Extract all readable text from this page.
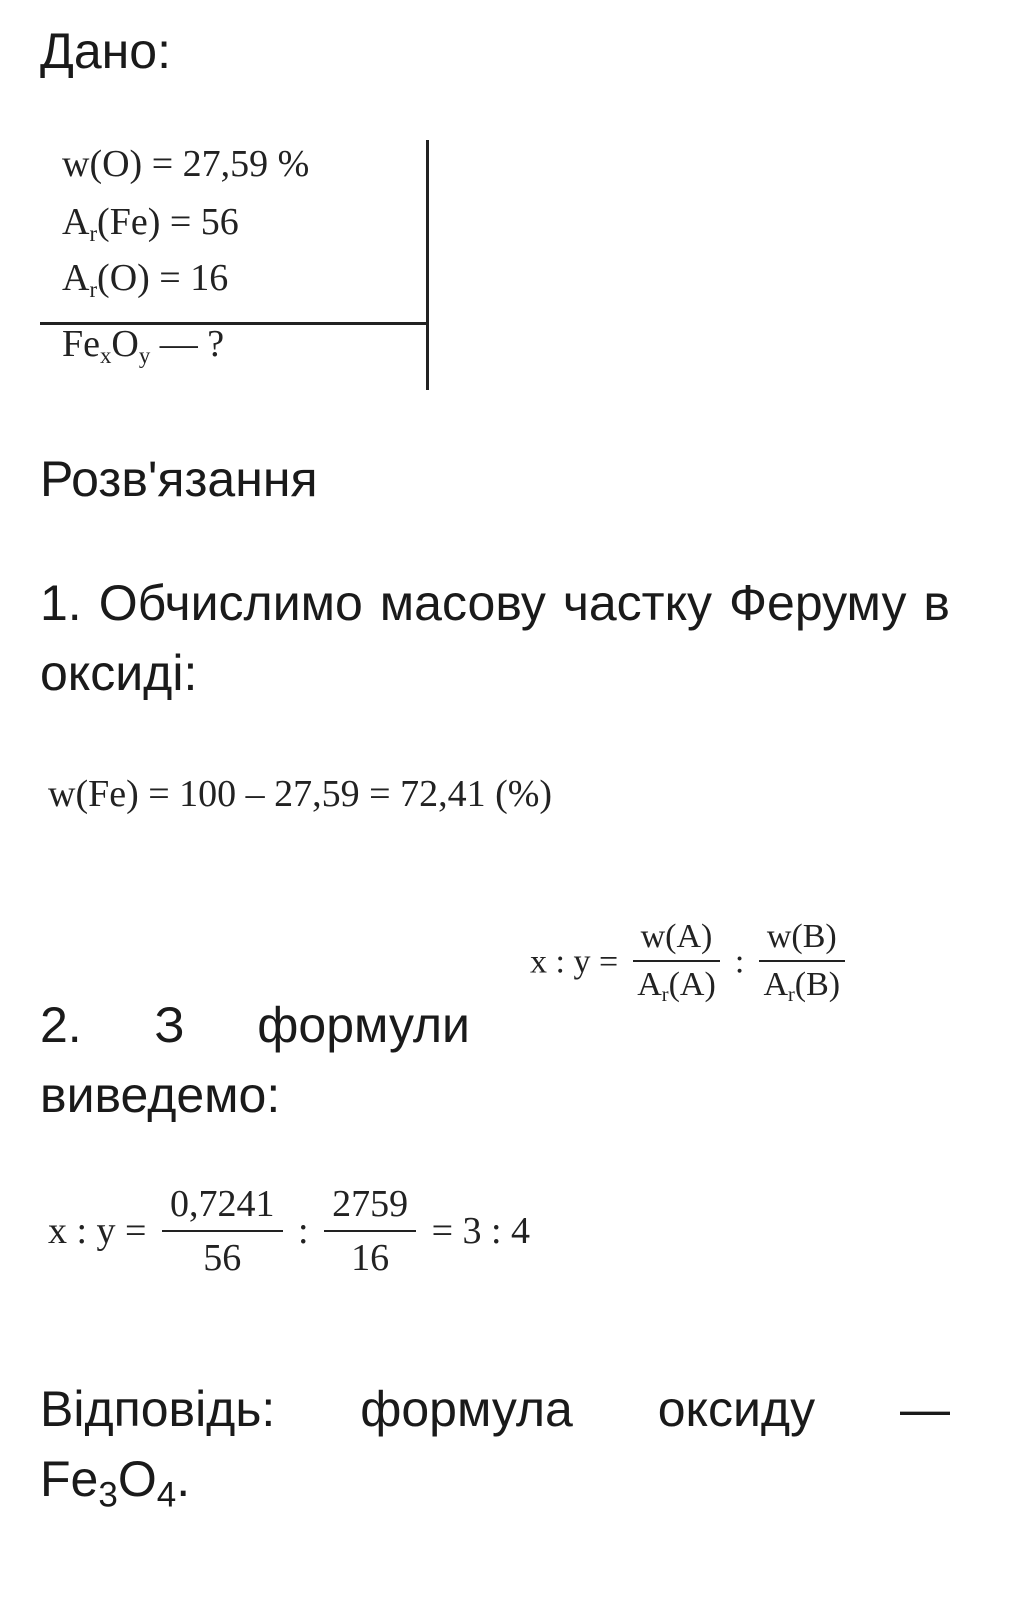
Дано:
w(O) = 27,59 %
$A_r(Fe) = 56$
$A_r(O) = 16$
$Fe_xO_y$ — ?
Розв'язання
1. Обчислимо масову частку Феруму в оксиді:
w(Fe) = 100 – 27,59 = 72,41 (%)
x : $y = \frac{w(A)}{A_r(A)}$ : $\frac{w(B)}{A_r(B)}$
2. З формули
виведемо:
x : $y = \frac{0,7241}{56}$ : $\frac{2759}{16} = 3$ : 4
Відповідь: формула оксиду —
$Fe_3O_4$.
